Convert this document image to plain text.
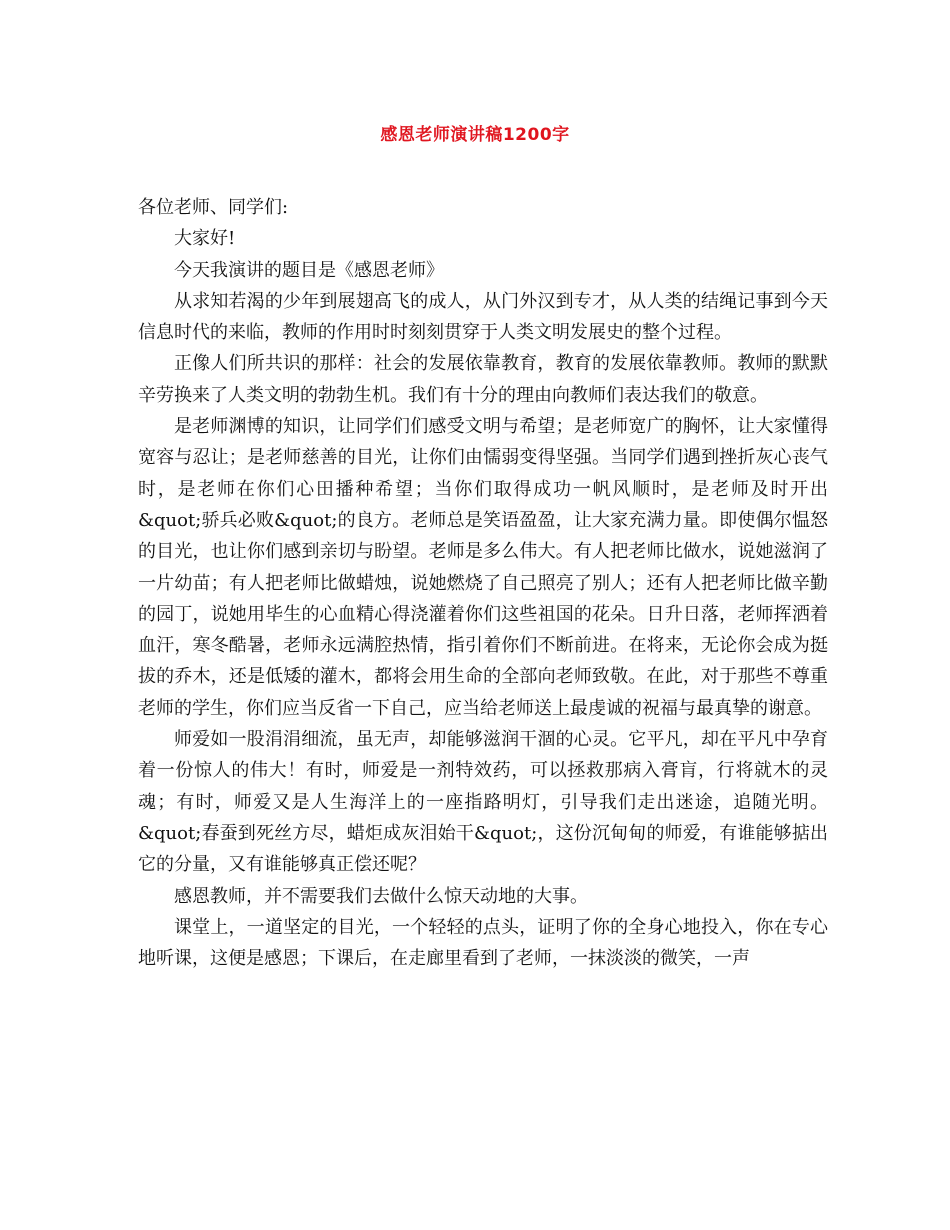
感恩老师演讲稿1200字

各位老师、同学们:

大家好!

今天我演讲的题目是《感恩老师》

从求知若渴的少年到展翅高飞的成人，从门外汉到专才，从人类的结绳记事到今天信息时代的来临，教师的作用时时刻刻贯穿于人类文明发展史的整个过程。

正像人们所共识的那样：社会的发展依靠教育，教育的发展依靠教师。教师的默默辛劳换来了人类文明的勃勃生机。我们有十分的理由向教师们表达我们的敬意。

是老师渊博的知识，让同学们们感受文明与希望；是老师宽广的胸怀，让大家懂得宽容与忍让；是老师慈善的目光，让你们由懦弱变得坚强。当同学们遇到挫折灰心丧气时，是老师在你们心田播种希望；当你们取得成功一帆风顺时，是老师及时开出&quot;骄兵必败&quot;的良方。老师总是笑语盈盈，让大家充满力量。即使偶尔愠怒的目光，也让你们感到亲切与盼望。老师是多么伟大。有人把老师比做水，说她滋润了一片幼苗；有人把老师比做蜡烛，说她燃烧了自己照亮了别人；还有人把老师比做辛勤的园丁，说她用毕生的心血精心得浇灌着你们这些祖国的花朵。日升日落，老师挥洒着血汗，寒冬酷暑，老师永远满腔热情，指引着你们不断前进。在将来，无论你会成为挺拔的乔木，还是低矮的灌木，都将会用生命的全部向老师致敬。在此，对于那些不尊重老师的学生，你们应当反省一下自己，应当给老师送上最虔诚的祝福与最真挚的谢意。

师爱如一股涓涓细流，虽无声，却能够滋润干涸的心灵。它平凡，却在平凡中孕育着一份惊人的伟大！有时，师爱是一剂特效药，可以拯救那病入膏肓，行将就木的灵魂；有时，师爱又是人生海洋上的一座指路明灯，引导我们走出迷途，追随光明。&quot;春蚕到死丝方尽，蜡炬成灰泪始干&quot;，这份沉甸甸的师爱，有谁能够掂出它的分量，又有谁能够真正偿还呢？

感恩教师，并不需要我们去做什么惊天动地的大事。

课堂上，一道坚定的目光，一个轻轻的点头，证明了你的全身心地投入，你在专心地听课，这便是感恩；下课后，在走廊里看到了老师，一抹淡淡的微笑，一声
